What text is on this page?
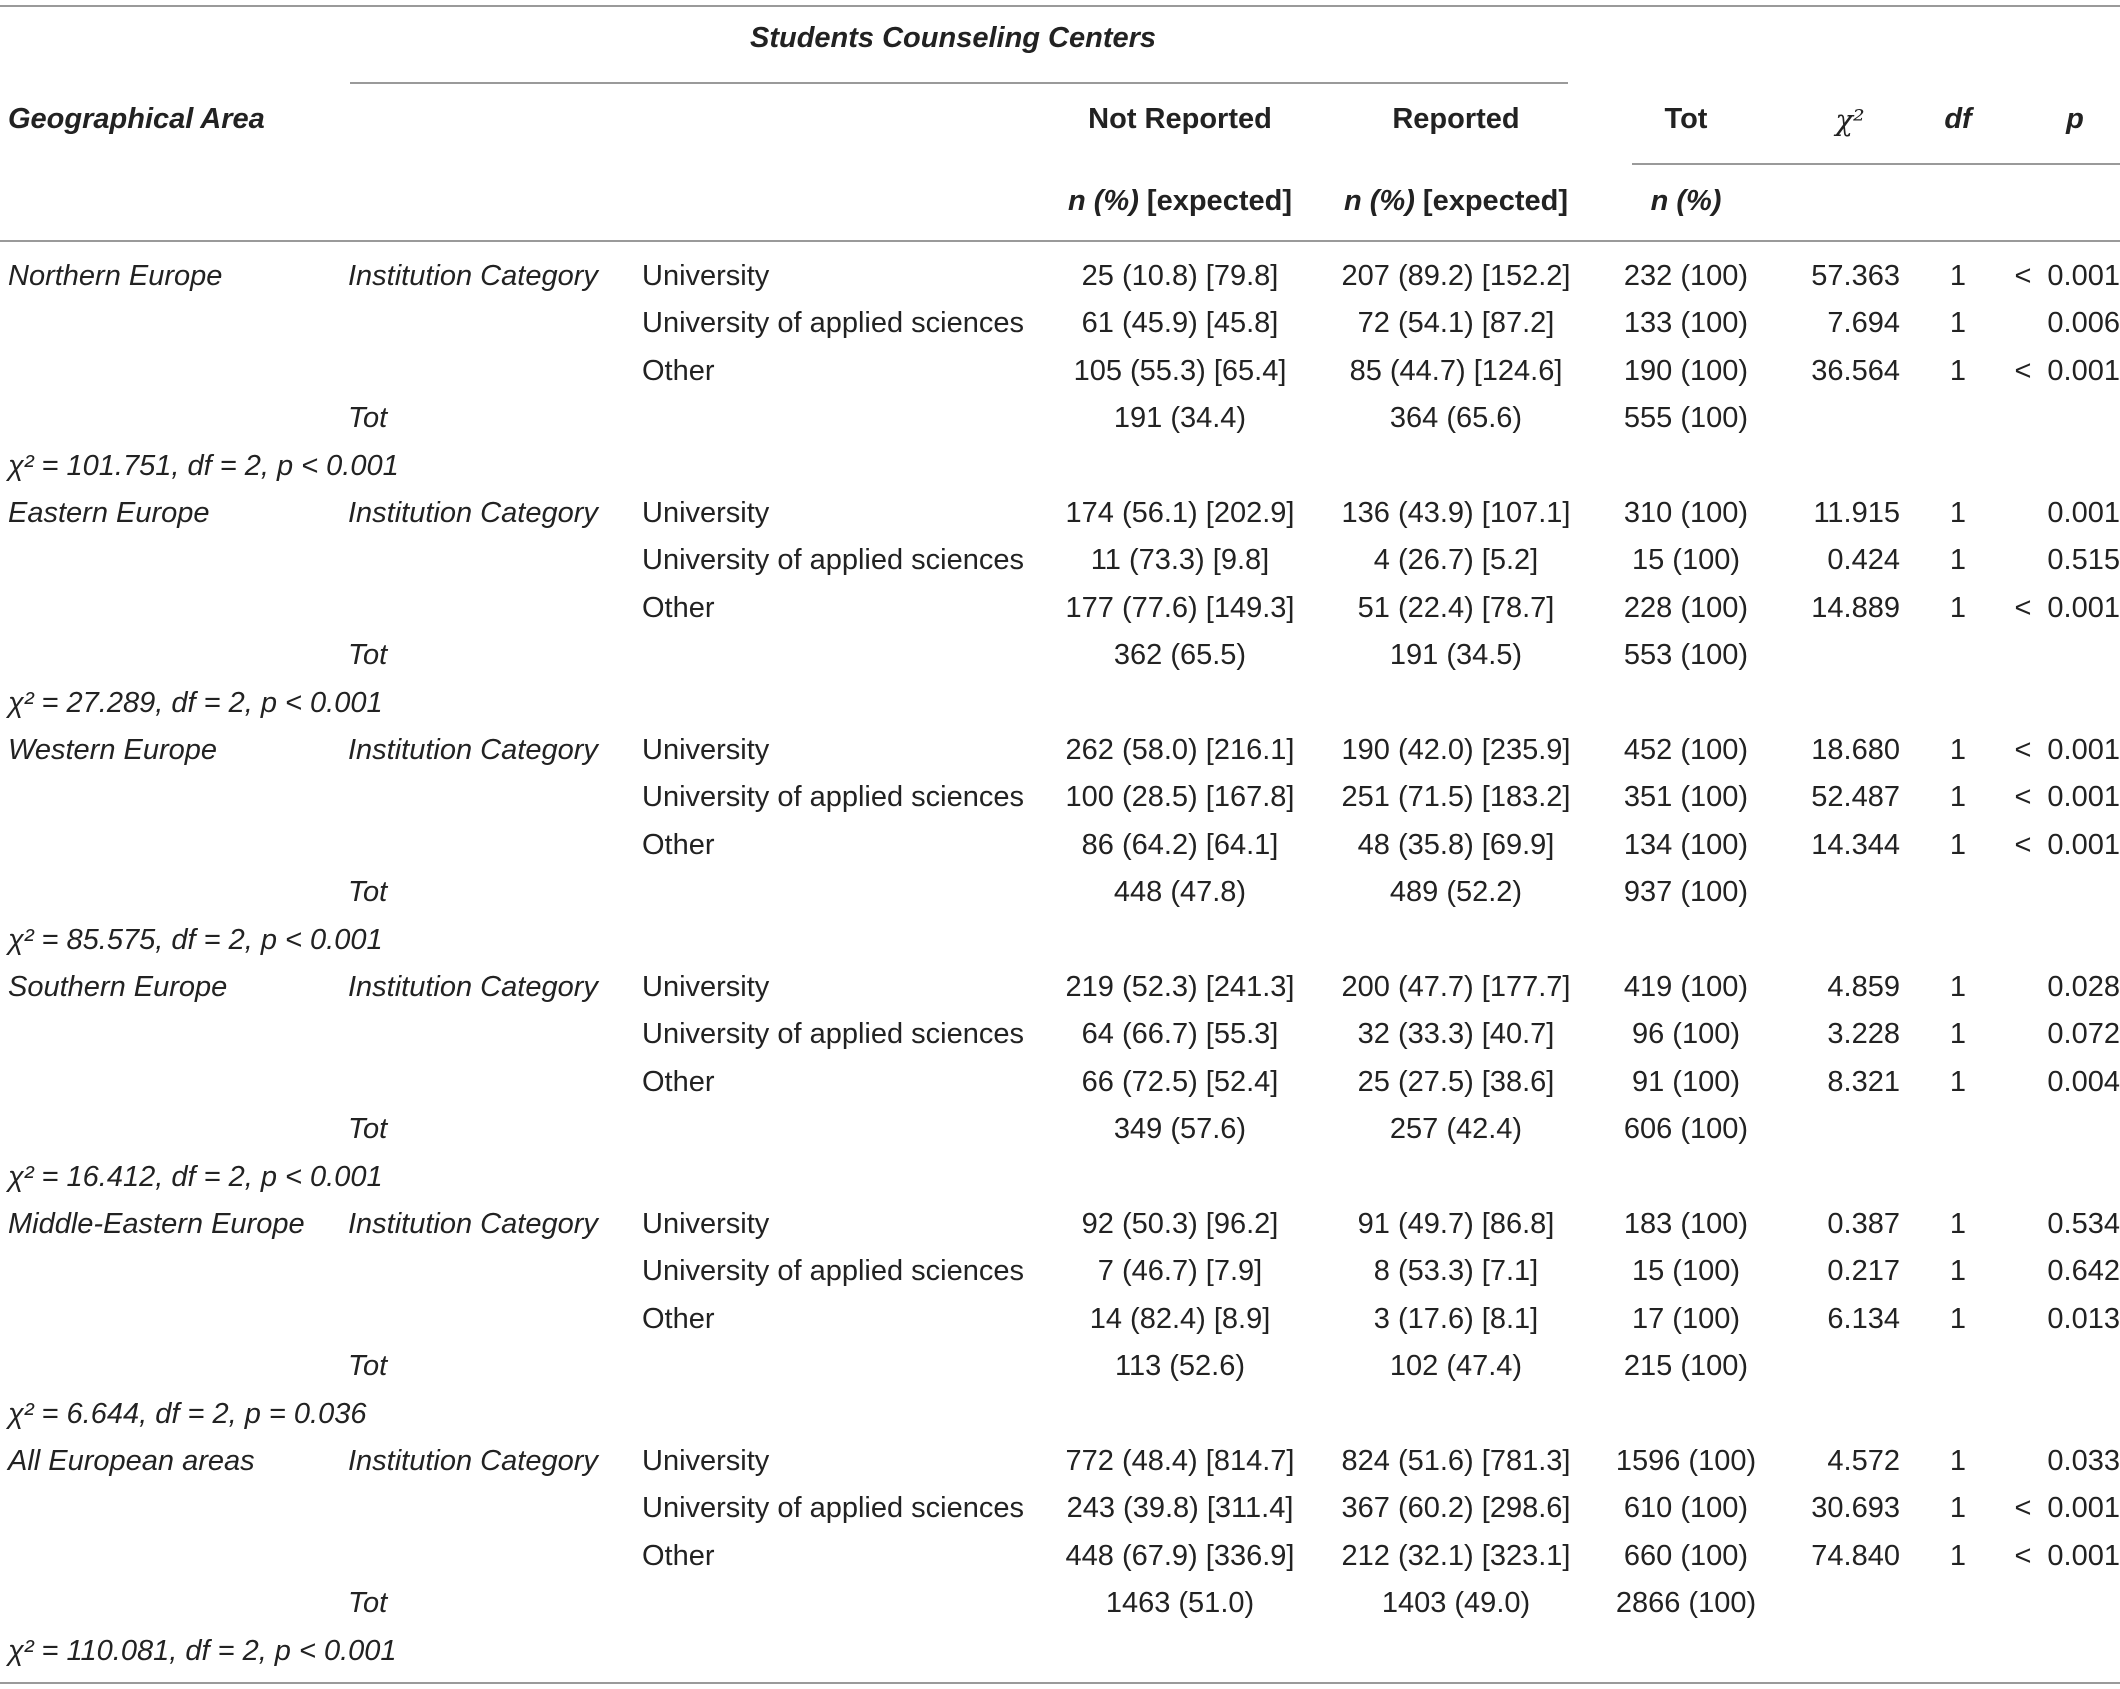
Students Counseling Centers
Geographical Area	Not Reported	Reported	Tot	χ²	df	p
n (%) [expected]	n (%) [expected]	n (%)
Northern Europe	Institution Category University	25 (10.8) [79.8]	207 (89.2) [152.2]	232 (100)	57.363	1	< 0.001
University of applied sciences	61 (45.9) [45.8]	72 (54.1) [87.2]	133 (100)	7.694	1	0.006
Other	105 (55.3) [65.4]	85 (44.7) [124.6]	190 (100)	36.564	1	< 0.001
Tot	191 (34.4)	364 (65.6)	555 (100)
χ² = 101.751, df = 2, p < 0.001
Eastern Europe	Institution Category University	174 (56.1) [202.9]	136 (43.9) [107.1]	310 (100)	11.915	1	0.001
University of applied sciences	11 (73.3) [9.8]	4 (26.7) [5.2]	15 (100)	0.424	1	0.515
Other	177 (77.6) [149.3]	51 (22.4) [78.7]	228 (100)	14.889	1	< 0.001
Tot	362 (65.5)	191 (34.5)	553 (100)
χ² = 27.289, df = 2, p < 0.001
Western Europe	Institution Category University	262 (58.0) [216.1]	190 (42.0) [235.9]	452 (100)	18.680	1	< 0.001
University of applied sciences	100 (28.5) [167.8]	251 (71.5) [183.2]	351 (100)	52.487	1	< 0.001
Other	86 (64.2) [64.1]	48 (35.8) [69.9]	134 (100)	14.344	1	< 0.001
Tot	448 (47.8)	489 (52.2)	937 (100)
χ² = 85.575, df = 2, p < 0.001
Southern Europe	Institution Category University	219 (52.3) [241.3]	200 (47.7) [177.7]	419 (100)	4.859	1	0.028
University of applied sciences	64 (66.7) [55.3]	32 (33.3) [40.7]	96 (100)	3.228	1	0.072
Other	66 (72.5) [52.4]	25 (27.5) [38.6]	91 (100)	8.321	1	0.004
Tot	349 (57.6)	257 (42.4)	606 (100)
χ² = 16.412, df = 2, p < 0.001
Middle-Eastern Europe Institution Category University	92 (50.3) [96.2]	91 (49.7) [86.8]	183 (100)	0.387	1	0.534
University of applied sciences	7 (46.7) [7.9]	8 (53.3) [7.1]	15 (100)	0.217	1	0.642
Other	14 (82.4) [8.9]	3 (17.6) [8.1]	17 (100)	6.134	1	0.013
Tot	113 (52.6)	102 (47.4)	215 (100)
χ² = 6.644, df = 2, p = 0.036
All European areas	Institution Category University	772 (48.4) [814.7]	824 (51.6) [781.3]	1596 (100)	4.572	1	0.033
University of applied sciences	243 (39.8) [311.4]	367 (60.2) [298.6]	610 (100)	30.693	1	< 0.001
Other	448 (67.9) [336.9]	212 (32.1) [323.1]	660 (100)	74.840	1	< 0.001
Tot	1463 (51.0)	1403 (49.0)	2866 (100)
χ² = 110.081, df = 2, p < 0.001
